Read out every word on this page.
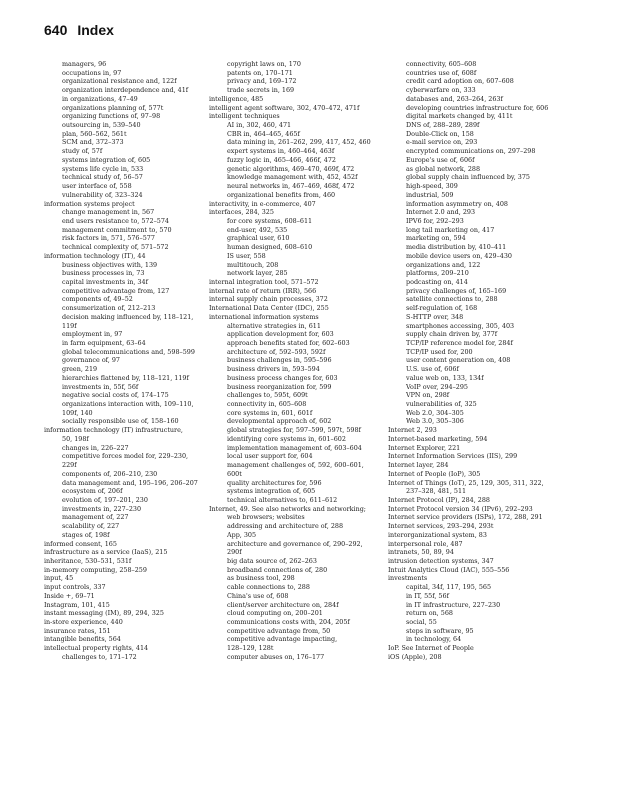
640 Index
managers, 96
occupations in, 97
organizational resistance and, 122f
organization interdependence and, 41f
in organizations, 47–49
organizations planning of, 577t
organizing functions of, 97–98
outsourcing in, 539–540
plan, 560–562, 561t
SCM and, 372–373
study of, 57f
systems integration of, 605
systems life cycle in, 533
technical study of, 56–57
user interface of, 558
vulnerability of, 323–324
information systems project
change management in, 567
end users resistance to, 572–574
management commitment to, 570
risk factors in, 571, 576–577
technical complexity of, 571–572
information technology (IT), 44
business objectives with, 139
business processes in, 73
capital investments in, 34f
competitive advantage from, 127
components of, 49–52
consumerization of, 212–213
decision making influenced by, 118–121,
119f
employment in, 97
in farm equipment, 63–64
global telecommunications and, 598–599
governance of, 97
green, 219
hierarchies flattened by, 118–121, 119f
investments in, 55f, 56f
negative social costs of, 174–175
organizations interaction with, 109–110,
109f, 140
socially responsible use of, 158–160
information technology (IT) infrastructure,
50, 198f
changes in, 226–227
competitive forces model for, 229–230,
229f
components of, 206–210, 230
data management and, 195–196, 206–207
ecosystem of, 206f
evolution of, 197–201, 230
investments in, 227–230
management of, 227
scalability of, 227
stages of, 198f
informed consent, 165
infrastructure as a service (IaaS), 215
inheritance, 530–531, 531f
in-memory computing, 258–259
input, 45
input controls, 337
Inside +, 69–71
Instagram, 101, 415
instant messaging (IM), 89, 294, 325
in-store experience, 440
insurance rates, 151
intangible benefits, 564
intellectual property rights, 414
challenges to, 171–172
copyright laws on, 170
patents on, 170–171
privacy and, 169–172
trade secrets in, 169
intelligence, 485
intelligent agent software, 302, 470–472, 471f
intelligent techniques
AI in, 302, 460, 471
CBR in, 464–465, 465f
data mining in, 261–262, 299, 417, 452, 460
expert systems in, 460–464, 463f
fuzzy logic in, 465–466, 466f, 472
genetic algorithms, 469–470, 469f, 472
knowledge management with, 452, 452f
neural networks in, 467–469, 468f, 472
organizational benefits from, 460
interactivity, in e-commerce, 407
interfaces, 284, 325
for core systems, 608–611
end-user, 492, 535
graphical user, 610
human designed, 608–610
IS user, 558
multitouch, 208
network layer, 285
internal integration tool, 571–572
internal rate of return (IRR), 566
internal supply chain processes, 372
International Data Center (IDC), 255
international information systems
alternative strategies in, 611
application development for, 603
approach benefits stated for, 602–603
architecture of, 592–593, 592f
business challenges in, 595–596
business drivers in, 593–594
business process changes for, 603
business reorganization for, 599
challenges to, 595t, 609t
connectivity in, 605–608
core systems in, 601, 601f
developmental approach of, 602
global strategies for, 597–599, 597t, 598f
identifying core systems in, 601–602
implementation management of, 603–604
local user support for, 604
management challenges of, 592, 600–601,
600t
quality architectures for, 596
systems integration of, 605
technical alternatives to, 611–612
Internet, 49. See also networks and networking;
web browsers; websites
addressing and architecture of, 288
App, 305
architecture and governance of, 290–292,
290f
big data source of, 262–263
broadband connections of, 280
as business tool, 298
cable connections to, 288
China's use of, 608
client/server architecture on, 284f
cloud computing on, 200–201
communications costs with, 204, 205f
competitive advantage from, 50
competitive advantage impacting,
128–129, 128t
computer abuses on, 176–177
connectivity, 605–608
countries use of, 608f
credit card adoption on, 607–608
cyberwarfare on, 333
databases and, 263–264, 263f
developing countries infrastructure for, 606
digital markets changed by, 411t
DNS of, 288–289, 289f
Double-Click on, 158
e-mail service on, 293
encrypted communications on, 297–298
Europe's use of, 606f
as global network, 288
global supply chain influenced by, 375
high-speed, 309
industrial, 509
information asymmetry on, 408
Internet 2.0 and, 293
IPV6 for, 292–293
long tail marketing on, 417
marketing on, 594
media distribution by, 410–411
mobile device users on, 429–430
organizations and, 122
platforms, 209–210
podcasting on, 414
privacy challenges of, 165–169
satellite connections to, 288
self-regulation of, 168
S-HTTP over, 348
smartphones accessing, 305, 403
supply chain driven by, 377f
TCP/IP reference model for, 284f
TCP/IP used for, 200
user content generation on, 408
U.S. use of, 606f
value web on, 133, 134f
VoIP over, 294–295
VPN on, 298f
vulnerabilities of, 325
Web 2.0, 304–305
Web 3.0, 305–306
Internet 2, 293
Internet-based marketing, 594
Internet Explorer, 221
Internet Information Services (IIS), 299
Internet layer, 284
Internet of People (IoP), 305
Internet of Things (IoT), 25, 129, 305, 311, 322,
237–328, 481, 511
Internet Protocol (IP), 284, 288
Internet Protocol version 34 (IPv6), 292–293
Internet service providers (ISPs), 172, 288, 291
Internet services, 293–294, 293t
interorganizational system, 83
interpersonal role, 487
intranets, 50, 89, 94
intrusion detection systems, 347
Intuit Analytics Cloud (IAC), 555–556
investments
capital, 34f, 117, 195, 565
in IT, 55f, 56f
in IT infrastructure, 227–230
return on, 568
social, 55
steps in software, 95
in technology, 64
IoP. See Internet of People
iOS (Apple), 208
